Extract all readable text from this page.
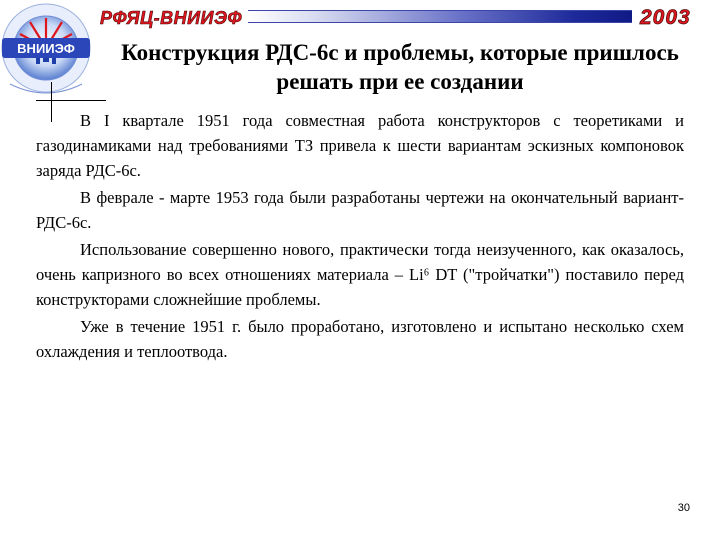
ВНИИЭФ
РФЯЦ-ВНИИЭФ	2003
Конструкция РДС-6с и проблемы, которые пришлось решать при ее создании

В I квартале 1951 года совместная работа конструкторов с теоретиками и газодинамиками над требованиями ТЗ привела к шести вариантам эскизных компоновок заряда РДС-6с.

В феврале - марте 1953 года были разработаны чертежи на окончательный вариант- РДС-6с.

Использование совершенно нового, практически тогда неизученного, как оказалось, очень капризного во всех отношениях материала – Li⁶ DT ("тройчатки") поставило перед конструкторами сложнейшие проблемы.

Уже в течение 1951 г. было проработано, изготовлено и испытано несколько схем охлаждения и теплоотвода.

30
